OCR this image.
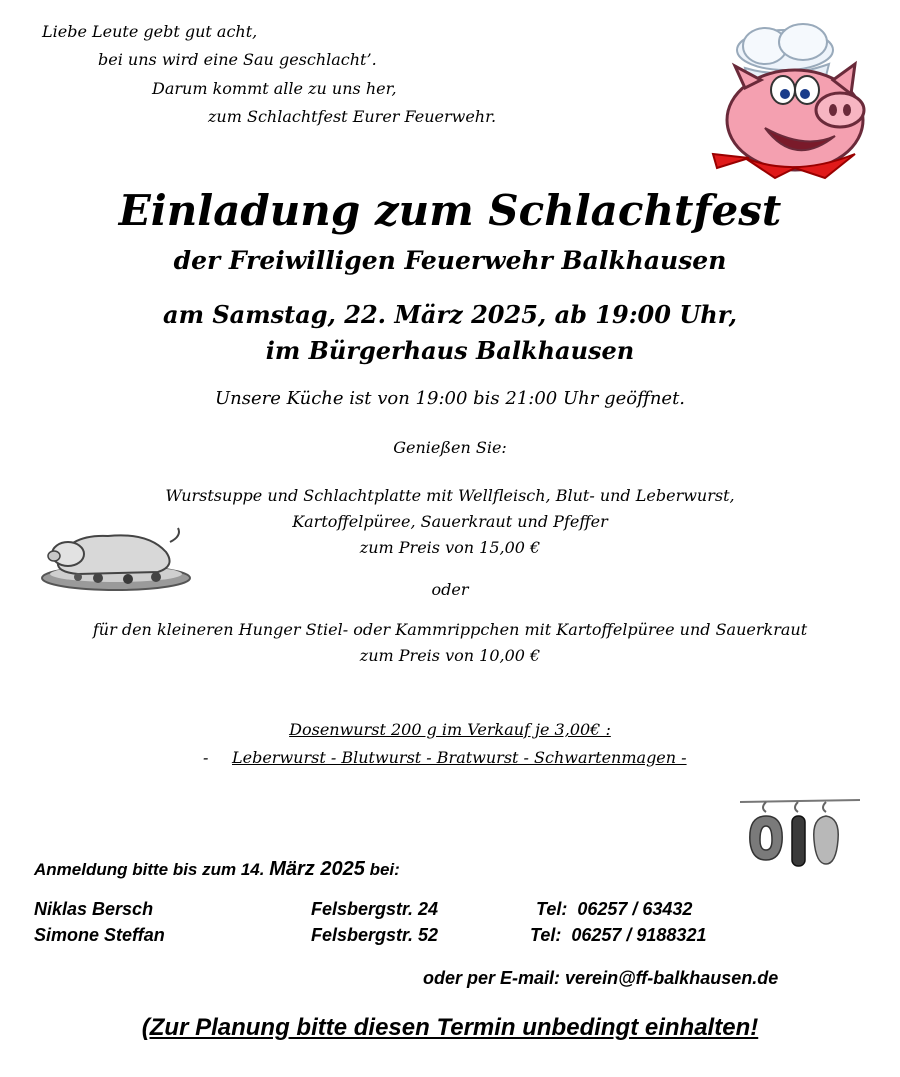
Liebe Leute gebt gut acht,
bei uns wird eine Sau geschlacht’.
Darum kommt alle zu uns her,
zum Schlachtfest Eurer Feuerwehr.
Einladung zum Schlachtfest
der Freiwilligen Feuerwehr Balkhausen
am Samstag, 22. März 2025, ab 19:00 Uhr,
im Bürgerhaus Balkhausen
Unsere Küche ist von 19:00 bis 21:00 Uhr geöffnet.
Genießen Sie:
Wurstsuppe und Schlachtplatte mit Wellfleisch, Blut- und Leberwurst,
Kartoffelpüree, Sauerkraut und Pfeffer
zum Preis von 15,00 €
oder
für den kleineren Hunger Stiel- oder Kammrippchen mit Kartoffelpüree und Sauerkraut
zum Preis von 10,00 €
Dosenwurst 200 g im Verkauf je 3,00€ :
- Leberwurst - Blutwurst - Bratwurst - Schwartenmagen -
Anmeldung bitte bis zum 14. März 2025 bei:
Niklas Bersch	Felsbergstr. 24	Tel:  06257 / 63432
Simone Steffan	Felsbergstr. 52	Tel:  06257 / 9188321
oder per E-mail: verein@ff-balkhausen.de
(Zur Planung bitte diesen Termin unbedingt einhalten!
